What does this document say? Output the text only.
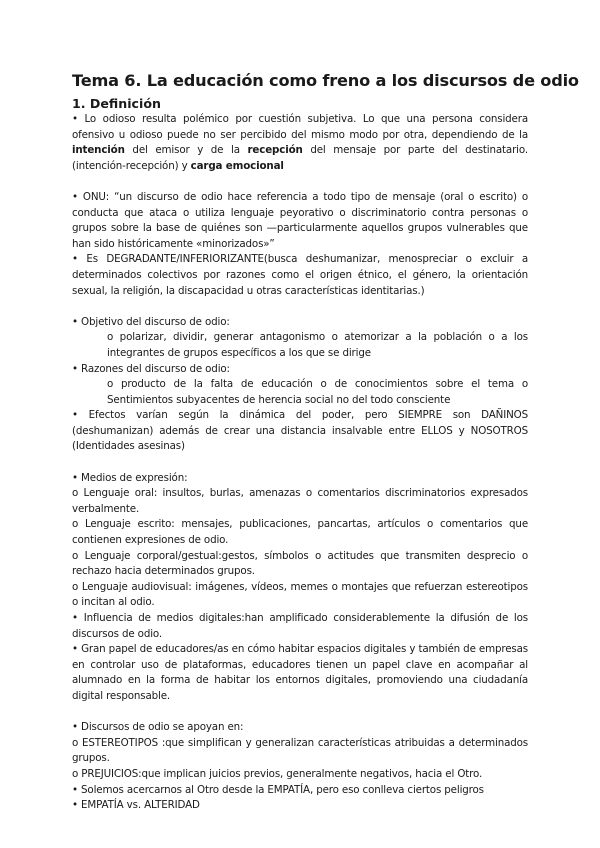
Tema 6. La educación como freno a los discursos de odio
1. Definición

• Lo odioso resulta polémico por cuestión subjetiva. Lo que una persona considera ofensivo u odioso puede no ser percibido del mismo modo por otra, dependiendo de la intención del emisor y de la recepción del mensaje por parte del destinatario. (intención-recepción) y carga emocional

• ONU: “un discurso de odio hace referencia a todo tipo de mensaje (oral o escrito) o conducta que ataca o utiliza lenguaje peyorativo o discriminatorio contra personas o grupos sobre la base de quiénes son —particularmente aquellos grupos vulnerables que han sido históricamente «minorizados»”

• Es DEGRADANTE/INFERIORIZANTE(busca deshumanizar, menospreciar o excluir a determinados colectivos por razones como el origen étnico, el género, la orientación sexual, la religión, la discapacidad u otras características identitarias.)

• Objetivo del discurso de odio:

o polarizar, dividir, generar antagonismo o atemorizar a la población o a los integrantes de grupos específicos a los que se dirige

• Razones del discurso de odio:

o producto de la falta de educación o de conocimientos sobre el tema o Sentimientos subyacentes de herencia social no del todo consciente

• Efectos varían según la dinámica del poder, pero SIEMPRE son DAÑINOS (deshumanizan) además de crear una distancia insalvable entre ELLOS y NOSOTROS (Identidades asesinas)

• Medios de expresión:

o Lenguaje oral: insultos, burlas, amenazas o comentarios discriminatorios expresados verbalmente.

o Lenguaje escrito: mensajes, publicaciones, pancartas, artículos o comentarios que contienen expresiones de odio.

o Lenguaje corporal/gestual:gestos, símbolos o actitudes que transmiten desprecio o rechazo hacia determinados grupos.

o Lenguaje audiovisual: imágenes, vídeos, memes o montajes que refuerzan estereotipos o incitan al odio.

• Influencia de medios digitales:han amplificado considerablemente la difusión de los discursos de odio.

• Gran papel de educadores/as en cómo habitar espacios digitales y también de empresas en controlar uso de plataformas, educadores tienen un papel clave en acompañar al alumnado en la forma de habitar los entornos digitales, promoviendo una ciudadanía digital responsable.

• Discursos de odio se apoyan en:

o ESTEREOTIPOS :que simplifican y generalizan características atribuidas a determinados grupos.

o PREJUICIOS:que implican juicios previos, generalmente negativos, hacia el Otro.

• Solemos acercarnos al Otro desde la EMPATÍA, pero eso conlleva ciertos peligros

• EMPATÍA vs. ALTERIDAD
